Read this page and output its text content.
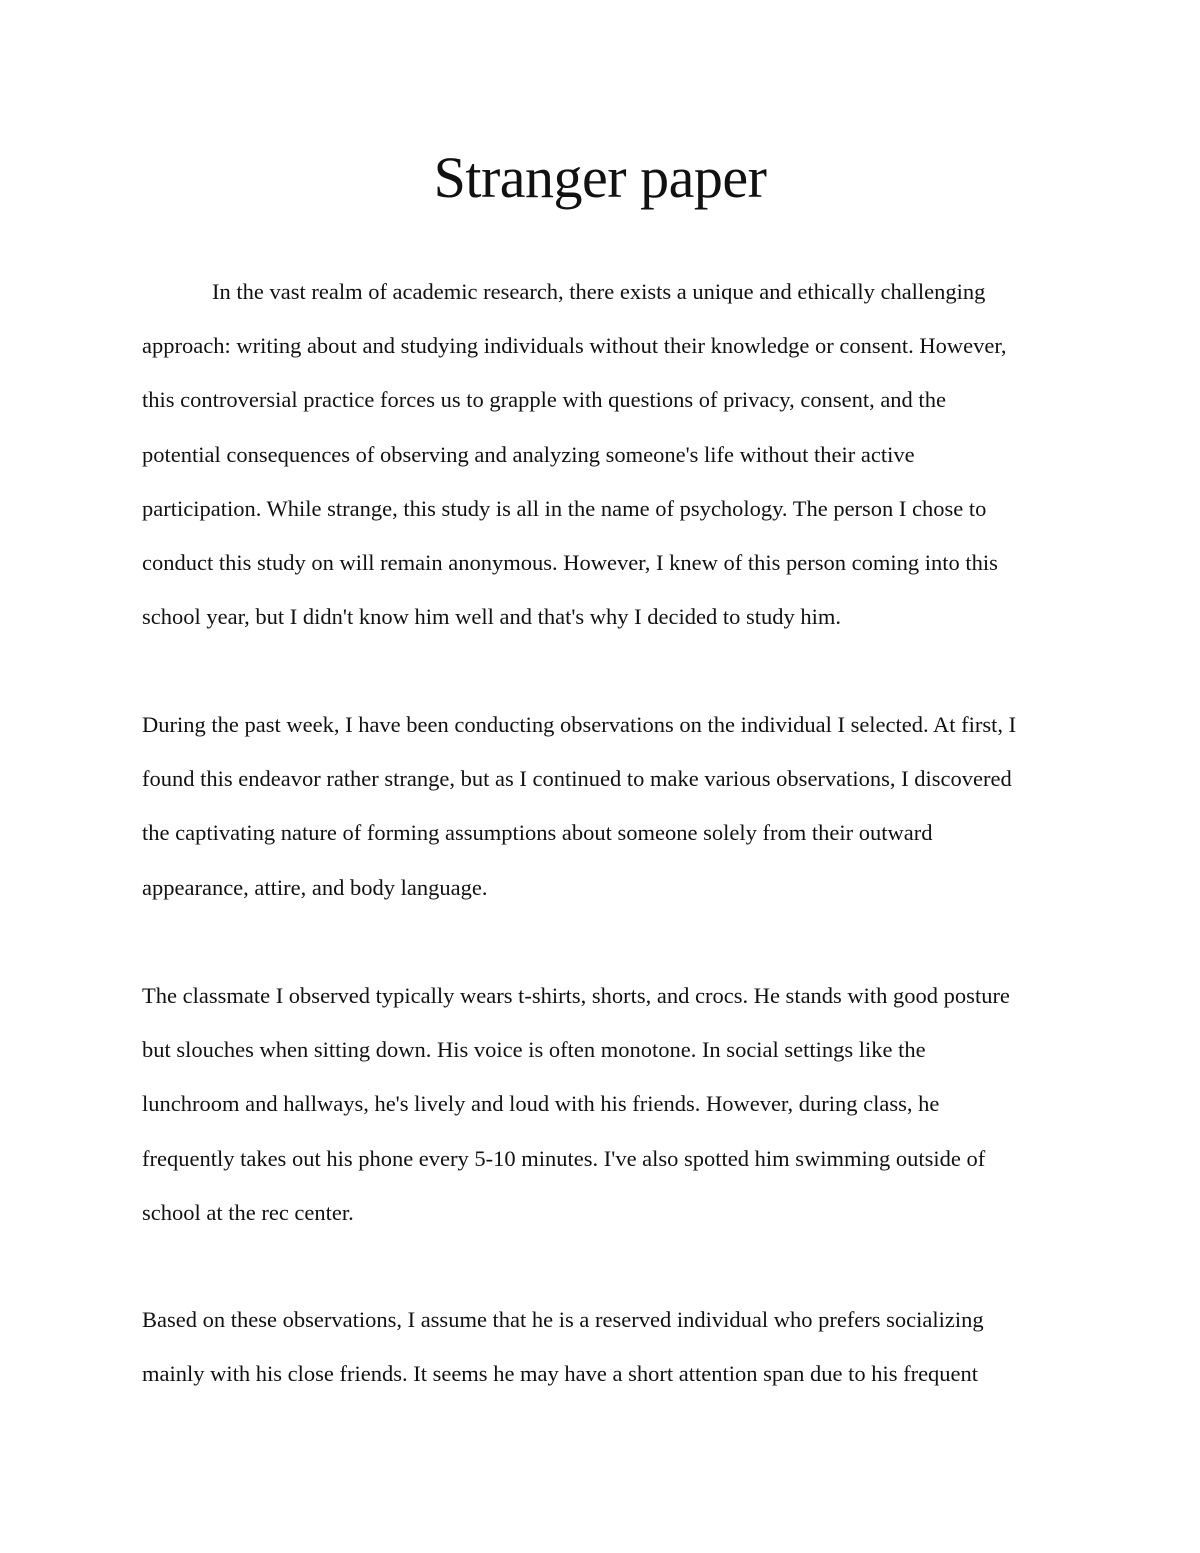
Stranger paper
In the vast realm of academic research, there exists a unique and ethically challenging
approach: writing about and studying individuals without their knowledge or consent. However,
this controversial practice forces us to grapple with questions of privacy, consent, and the
potential consequences of observing and analyzing someone's life without their active
participation. While strange, this study is all in the name of psychology. The person I chose to
conduct this study on will remain anonymous. However, I knew of this person coming into this
school year, but I didn't know him well and that's why I decided to study him.
During the past week, I have been conducting observations on the individual I selected. At first, I
found this endeavor rather strange, but as I continued to make various observations, I discovered
the captivating nature of forming assumptions about someone solely from their outward
appearance, attire, and body language.
The classmate I observed typically wears t-shirts, shorts, and crocs. He stands with good posture
but slouches when sitting down. His voice is often monotone. In social settings like the
lunchroom and hallways, he's lively and loud with his friends. However, during class, he
frequently takes out his phone every 5-10 minutes. I've also spotted him swimming outside of
school at the rec center.
Based on these observations, I assume that he is a reserved individual who prefers socializing
mainly with his close friends. It seems he may have a short attention span due to his frequent
